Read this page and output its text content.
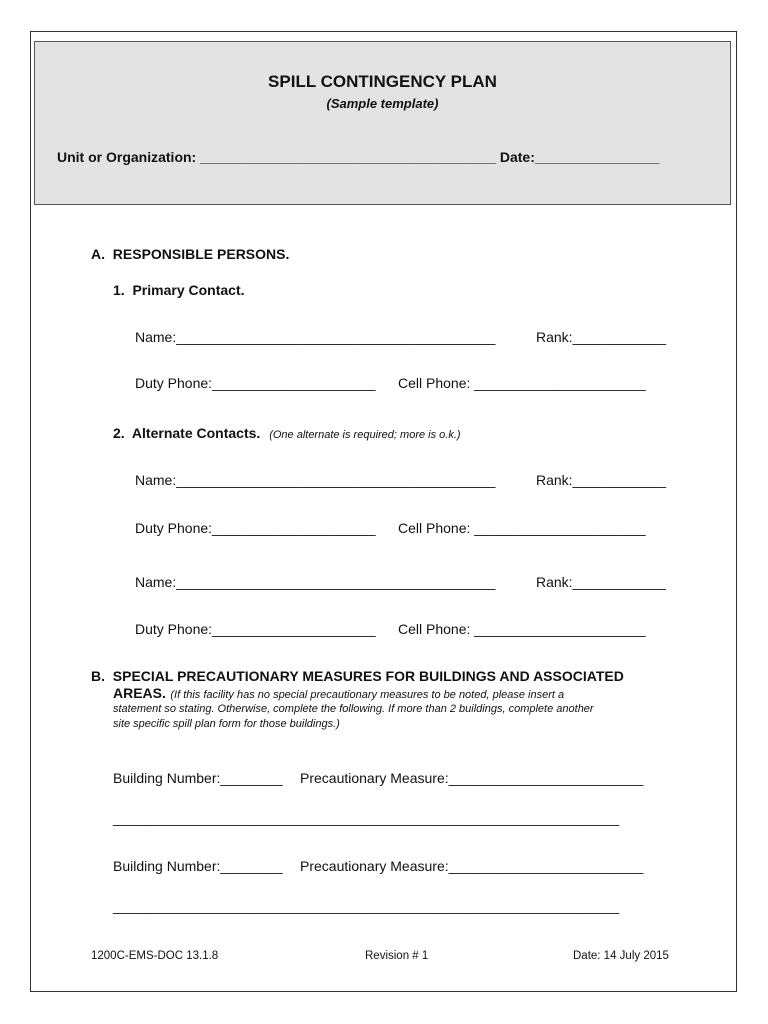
SPILL CONTINGENCY PLAN
(Sample template)
Unit or Organization: ______________________________________ Date:________________
A.  RESPONSIBLE PERSONS.
1.  Primary Contact.
Name:_________________________________________	Rank:____________
Duty Phone:_____________________ Cell Phone: ______________________
2.  Alternate Contacts. (One alternate is required; more is o.k.)
Name:_________________________________________	Rank:____________
Duty Phone:_____________________ Cell Phone: ______________________
Name:_________________________________________	Rank:____________
Duty Phone:_____________________ Cell Phone: ______________________
B.  SPECIAL PRECAUTIONARY MEASURES FOR BUILDINGS AND ASSOCIATED
AREAS. (If this facility has no special precautionary measures to be noted, please insert a
statement so stating. Otherwise, complete the following. If more than 2 buildings, complete another
site specific spill plan form for those buildings.)
Building Number:________ Precautionary Measure:_________________________
_________________________________________________________________
Building Number:________ Precautionary Measure:_________________________
_________________________________________________________________
1200C-EMS-DOC 13.1.8	Revision # 1	Date: 14 July 2015
